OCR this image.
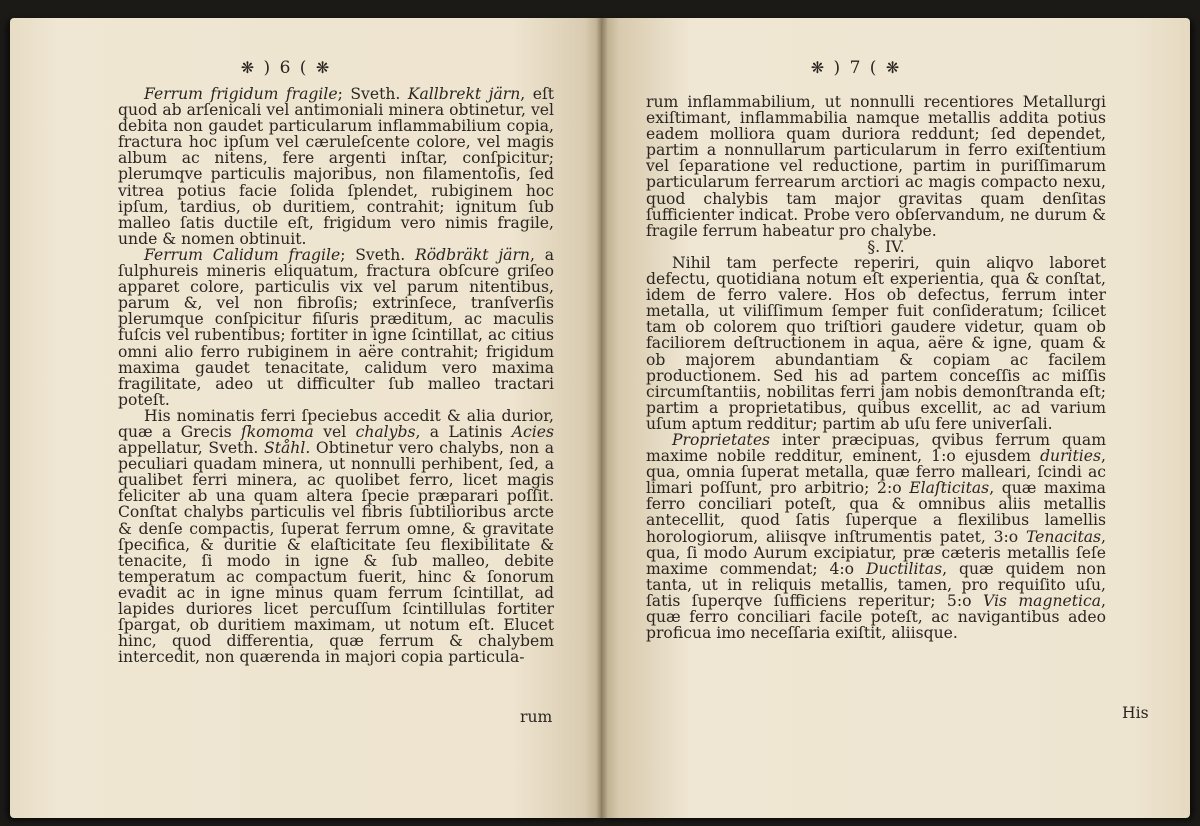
❋ ) 6 ( ❋

Ferrum frigidum fragile; Sveth. Kallbrekt järn, eſt quod ab arſenicali vel antimoniali minera obtinetur, vel debita non gaudet particularum inflammabilium copia, fractura hoc ipſum vel cæruleſcente colore, vel magis album ac nitens, fere argenti inſtar, conſpicitur; plerumqve particulis majoribus, non filamentoſis, ſed vitrea potius facie ſolida ſplendet, rubiginem hoc ipſum, tardius, ob duritiem, contrahit; ignitum ſub malleo ſatis ductile eſt, frigidum vero nimis fragile, unde & nomen obtinuit.

Ferrum Calidum fragile; Sveth. Rödbräkt järn, a ſulphureis mineris eliquatum, fractura obſcure griſeo apparet colore, particulis vix vel parum nitentibus, parum &, vel non fibroſis; extrinſece, tranſverſis plerumque conſpicitur fiſuris præditum, ac maculis fuſcis vel rubentibus; fortiter in igne ſcintillat, ac citius omni alio ferro rubiginem in aëre contrahit; frigidum maxima gaudet tenacitate, calidum vero maxima fragilitate, adeo ut difficulter ſub malleo tractari poteſt.

His nominatis ferri ſpeciebus accedit & alia durior, quæ a Grecis ſkomoma vel chalybs, a Latinis Acies appellatur, Sveth. Ståhl. Obtinetur vero chalybs, non a peculiari quadam minera, ut nonnulli perhibent, ſed, a qualibet ferri minera, ac quolibet ferro, licet magis feliciter ab una quam altera ſpecie præparari poſſit. Conſtat chalybs particulis vel fibris ſubtilioribus arcte & denſe compactis, ſuperat ferrum omne, & gravitate ſpecifica, & duritie & elaſticitate ſeu flexibilitate & tenacite, ſi modo in igne & ſub malleo, debite temperatum ac compactum fuerit, hinc & ſonorum evadit ac in igne minus quam ferrum ſcintillat, ad lapides duriores licet percuſſum ſcintillulas fortiter ſpargat, ob duritiem maximam, ut notum eſt. Elucet hinc, quod differentia, quæ ferrum & chalybem intercedit, non quærenda in majori copia particula-

rum
❋ ) 7 ( ❋

rum inflammabilium, ut nonnulli recentiores Metallurgi exiſtimant, inflammabilia namque metallis addita potius eadem molliora quam duriora reddunt; ſed dependet, partim a nonnullarum particularum in ferro exiſtentium vel ſeparatione vel reductione, partim in puriſſimarum particularum ferrearum arctiori ac magis compacto nexu, quod chalybis tam major gravitas quam denſitas ſufficienter indicat. Probe vero obſervandum, ne durum & fragile ferrum habeatur pro chalybe.

§. IV.

Nihil tam perfecte reperiri, quin aliqvo laboret defectu, quotidiana notum eſt experientia, qua & conſtat, idem de ferro valere. Hos ob defectus, ferrum inter metalla, ut viliſſimum ſemper fuit conſideratum; ſcilicet tam ob colorem quo triſtiori gaudere videtur, quam ob faciliorem deſtructionem in aqua, aëre & igne, quam & ob majorem abundantiam & copiam ac facilem productionem. Sed his ad partem conceſſis ac miſſis circumſtantiis, nobilitas ferri jam nobis demonſtranda eſt; partim a proprietatibus, quibus excellit, ac ad varium uſum aptum redditur; partim ab uſu fere univerſali.

Proprietates inter præcipuas, qvibus ferrum quam maxime nobile redditur, eminent, 1:o ejusdem durities, qua, omnia ſuperat metalla, quæ ferro malleari, ſcindi ac limari poſſunt, pro arbitrio; 2:o Elaſticitas, quæ maxima ferro conciliari poteſt, qua & omnibus aliis metallis antecellit, quod ſatis ſuperque a flexilibus lamellis horologiorum, aliisqve inſtrumentis patet, 3:o Tenacitas, qua, ſi modo Aurum excipiatur, præ cæteris metallis ſeſe maxime commendat; 4:o Ductilitas, quæ quidem non tanta, ut in reliquis metallis, tamen, pro requiſito uſu, ſatis ſuperqve ſufficiens reperitur; 5:o Vis magnetica, quæ ferro conciliari facile poteſt, ac navigantibus adeo proficua imo neceſſaria exiſtit, aliisque.

His
